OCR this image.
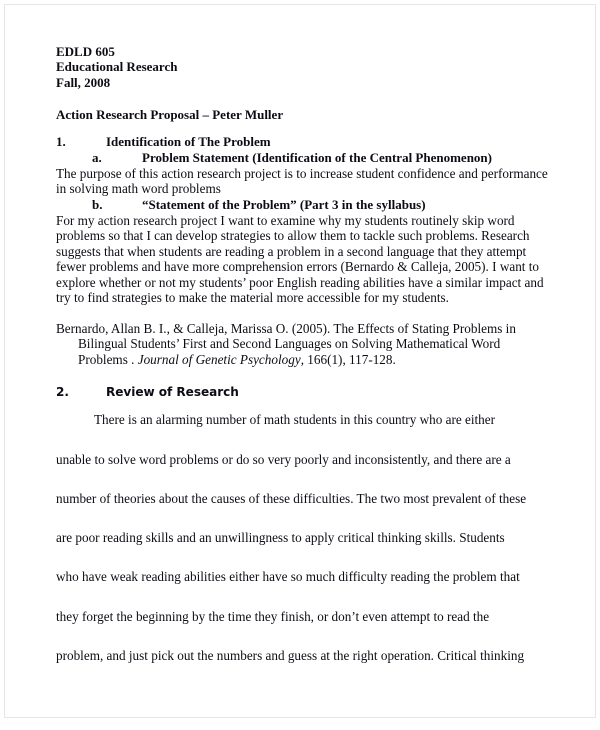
EDLD 605
Educational Research
Fall, 2008
Action Research Proposal – Peter Muller
1.	Identification of The Problem
a.	Problem Statement (Identification of the Central Phenomenon)

The purpose of this action research project is to increase student confidence and performance in solving math word problems

b.	“Statement of the Problem” (Part 3 in the syllabus)

For my action research project I want to examine why my students routinely skip word problems so that I can develop strategies to allow them to tackle such problems. Research suggests that when students are reading a problem in a second language that they attempt fewer problems and have more comprehension errors (Bernardo & Calleja, 2005). I want to explore whether or not my students’ poor English reading abilities have a similar impact and try to find strategies to make the material more accessible for my students.

Bernardo, Allan B. I., & Calleja, Marissa O. (2005). The Effects of Stating Problems in Bilingual Students’ First and Second Languages on Solving Mathematical Word Problems . Journal of Genetic Psychology, 166(1), 117-128.

2.	Review of Research

There is an alarming number of math students in this country who are either

unable to solve word problems or do so very poorly and inconsistently, and there are a

number of theories about the causes of these difficulties. The two most prevalent of these

are poor reading skills and an unwillingness to apply critical thinking skills. Students

who have weak reading abilities either have so much difficulty reading the problem that

they forget the beginning by the time they finish, or don’t even attempt to read the

problem, and just pick out the numbers and guess at the right operation. Critical thinking
